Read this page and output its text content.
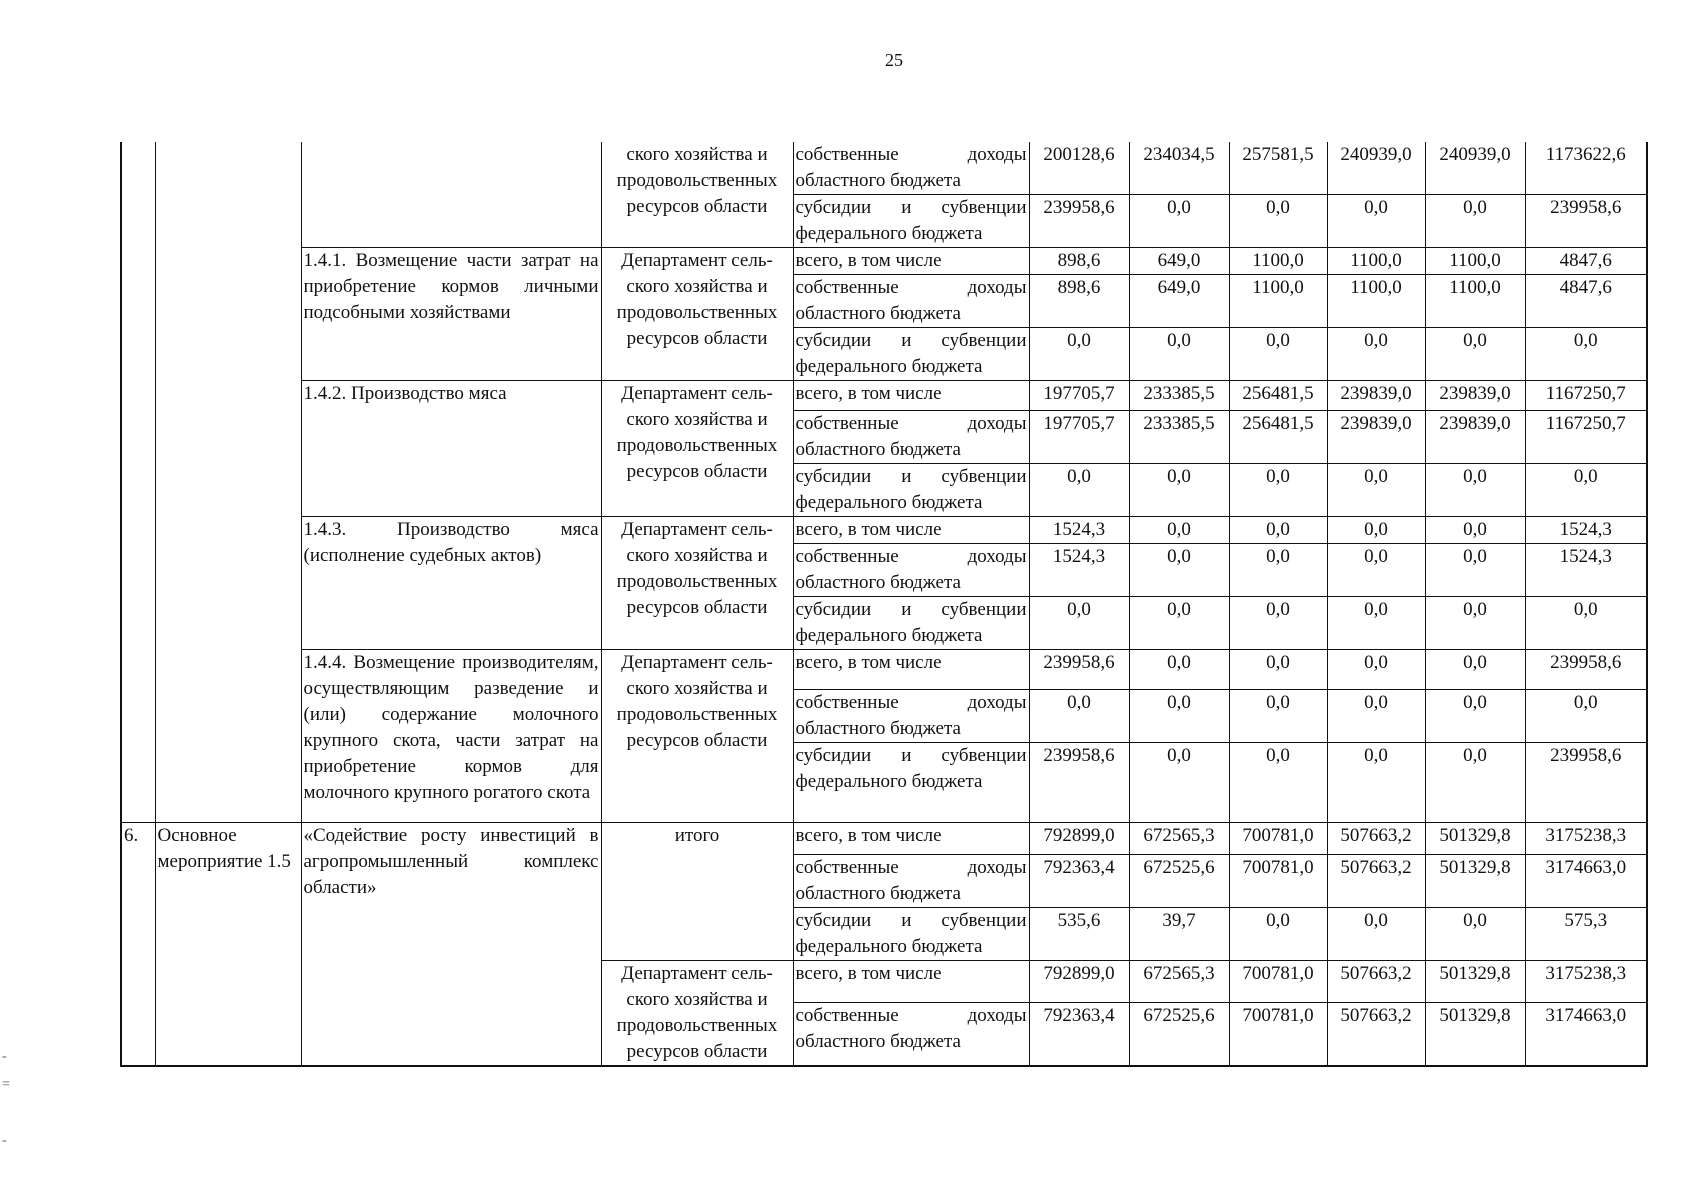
25
			ского хозяйства и продовольственных ресурсов области	собственные доходы областного бюджета	200128,6	234034,5	257581,5	240939,0	240939,0	1173622,6
				субсидии и субвенции федерального бюджета	239958,6	0,0	0,0	0,0	0,0	239958,6
		1.4.1. Возмещение части затрат на приобретение кормов личными подсобными хозяйствами	Департамент сель- ского хозяйства и продовольственных ресурсов области	всего, в том числе	898,6	649,0	1100,0	1100,0	1100,0	4847,6
				собственные доходы областного бюджета	898,6	649,0	1100,0	1100,0	1100,0	4847,6
				субсидии и субвенции федерального бюджета	0,0	0,0	0,0	0,0	0,0	0,0
		1.4.2. Производство мяса	Департамент сель- ского хозяйства и продовольственных ресурсов области	всего, в том числе	197705,7	233385,5	256481,5	239839,0	239839,0	1167250,7
				собственные доходы областного бюджета	197705,7	233385,5	256481,5	239839,0	239839,0	1167250,7
				субсидии и субвенции федерального бюджета	0,0	0,0	0,0	0,0	0,0	0,0
		1.4.3. Производство мяса (исполнение судебных актов)	Департамент сель- ского хозяйства и продовольственных ресурсов области	всего, в том числе	1524,3	0,0	0,0	0,0	0,0	1524,3
				собственные доходы областного бюджета	1524,3	0,0	0,0	0,0	0,0	1524,3
				субсидии и субвенции федерального бюджета	0,0	0,0	0,0	0,0	0,0	0,0
		1.4.4. Возмещение производителям, осуществляющим разведение и (или) содержание молочного крупного скота, части затрат на приобретение кормов для молочного крупного рогатого скота	Департамент сель- ского хозяйства и продовольственных ресурсов области	всего, в том числе	239958,6	0,0	0,0	0,0	0,0	239958,6
				собственные доходы областного бюджета	0,0	0,0	0,0	0,0	0,0	0,0
				субсидии и субвенции федерального бюджета	239958,6	0,0	0,0	0,0	0,0	239958,6
6.	Основное мероприятие 1.5	«Содействие росту инвестиций в агропромышленный комплекс области»	итого	всего, в том числе	792899,0	672565,3	700781,0	507663,2	501329,8	3175238,3
				собственные доходы областного бюджета	792363,4	672525,6	700781,0	507663,2	501329,8	3174663,0
				субсидии и субвенции федерального бюджета	535,6	39,7	0,0	0,0	0,0	575,3
			Департамент сель- ского хозяйства и продовольственных ресурсов области	всего, в том числе	792899,0	672565,3	700781,0	507663,2	501329,8	3175238,3
				собственные доходы областного бюджета	792363,4	672525,6	700781,0	507663,2	501329,8	3174663,0
-

=

-
